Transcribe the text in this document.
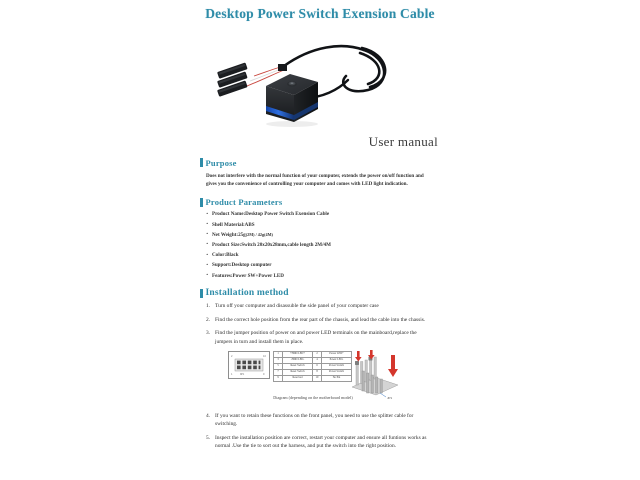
Desktop Power Switch Exension Cable
User manual
Purpose
Does not interfere with the normal function of your computer, extends the power on/off function and gives you the convenience of controlling your computer and comes with LED light indication.
Product Parameters
· Product Name:Desktop Power Switch Exension Cable
· Shell Material:ABS
· Net Weight:25g(2M) / 42g(4M)
· Product Size:Switch 20x20x28mm,cable length 2M/4M
· Color:Black
· Support:Desktop computer
· Features:Power SW+Power LED
Installation method
Turn off your computer and disassuble the side panel of your computer case
Find the correct hole position from the rear part of the chassis, and lead the cable into the chassis.
Find the jumper position of power on and power LED terminals on the mainboard,replace the jumpers in turn and install them in place.
2	10
1	9
JP1

1	+HDD LED+	2	Power LED+
3	-HDD LED-	4	Power LED-
5	Reset Switch	6	Power Switch
7	Reset Switch	8	Power Switch
9	Reserved	10	No Pin
Diagram (depending on the motherboard model)	JP1
If you want to retain these functions on the front panel, you need to use the splitter cable for switching.
Inspect the installation position are correct, restart your computer and ensure all funtions works as normal .Use the tie to sort out the harness, and put the switch into the right position.
